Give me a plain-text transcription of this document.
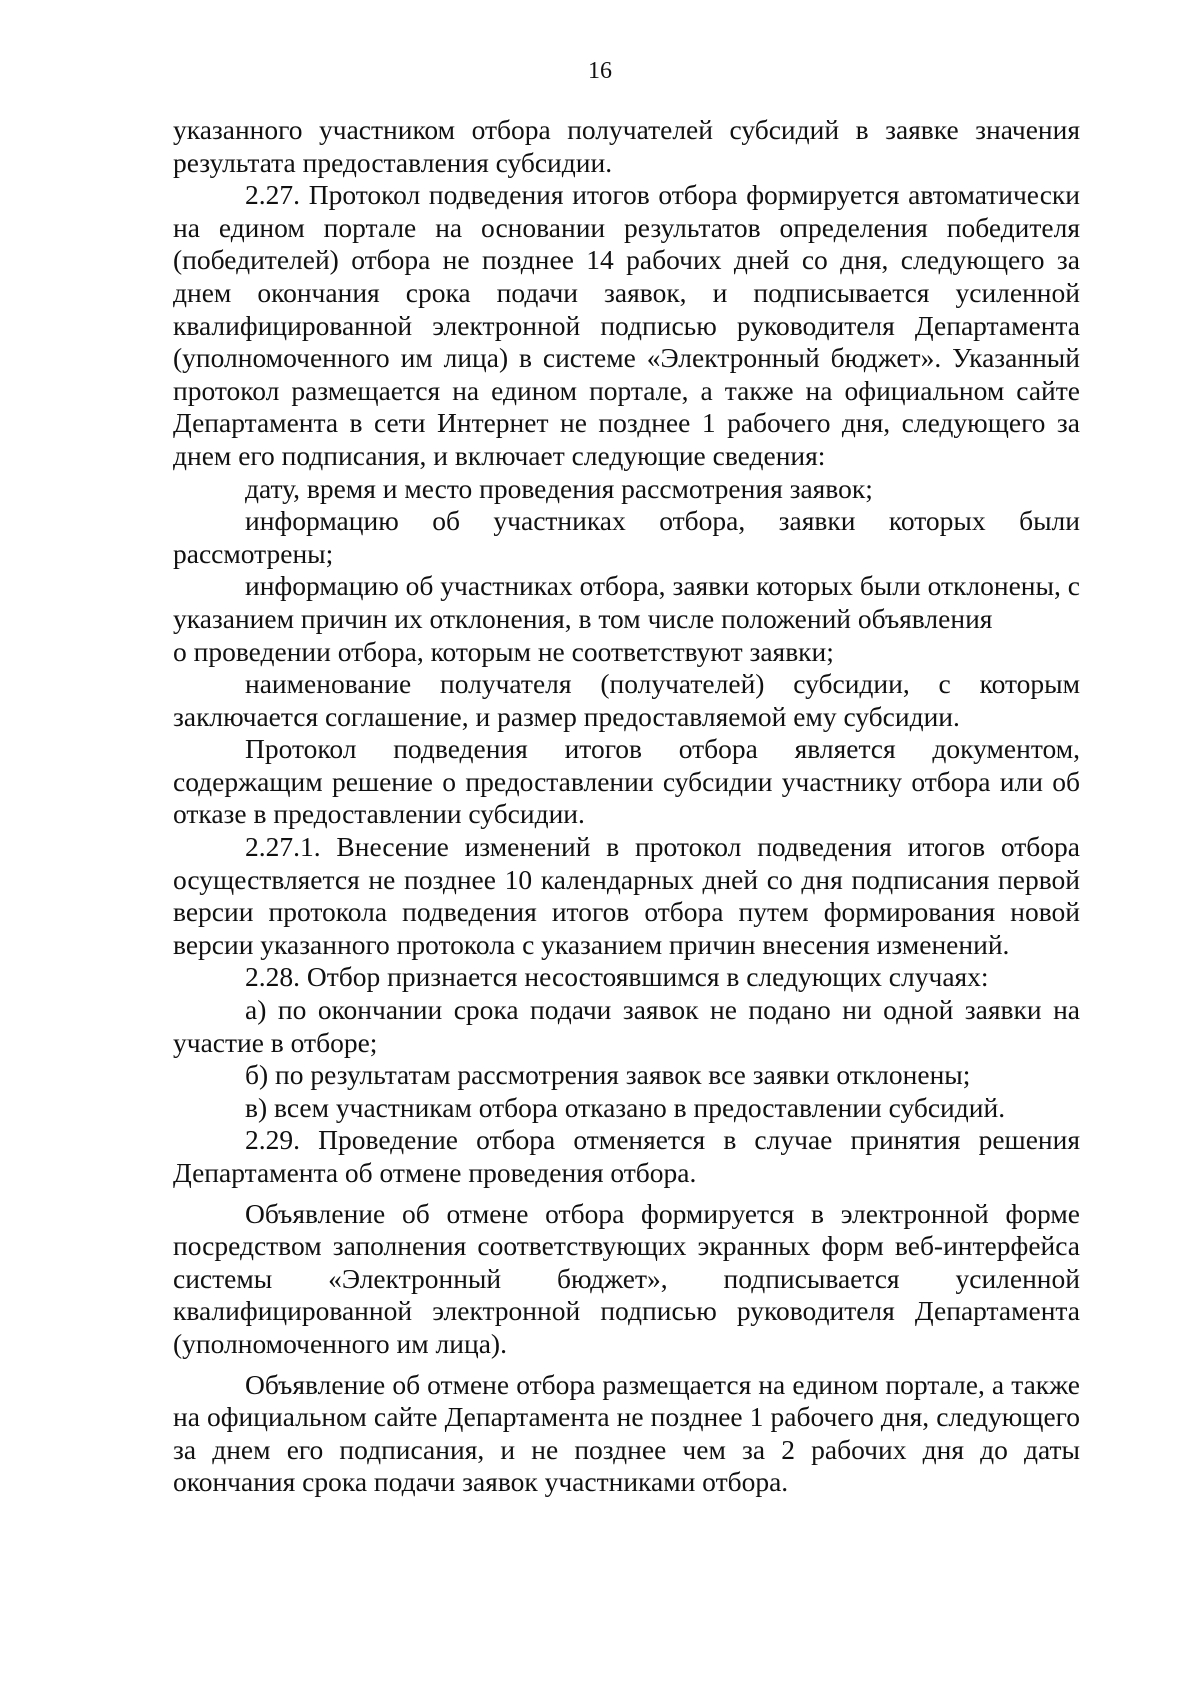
16

указанного участником отбора получателей субсидий в заявке значения результата предоставления субсидии.

2.27. Протокол подведения итогов отбора формируется автоматически на едином портале на основании результатов определения победителя (победителей) отбора не позднее 14 рабочих дней со дня, следующего за днем окончания срока подачи заявок, и подписывается усиленной квалифицированной электронной подписью руководителя Департамента (уполномоченного им лица) в системе «Электронный бюджет». Указанный протокол размещается на едином портале, а также на официальном сайте Департамента в сети Интернет не позднее 1 рабочего дня, следующего за днем его подписания, и включает следующие сведения:

дату, время и место проведения рассмотрения заявок;

информацию об участниках отбора, заявки которых были рассмотрены;

информацию об участниках отбора, заявки которых были отклонены, с указанием причин их отклонения, в том числе положений объявления

о проведении отбора, которым не соответствуют заявки;

наименование получателя (получателей) субсидии, с которым заключается соглашение, и размер предоставляемой ему субсидии.

Протокол подведения итогов отбора является документом, содержащим решение о предоставлении субсидии участнику отбора или об отказе в предоставлении субсидии.

2.27.1. Внесение изменений в протокол подведения итогов отбора осуществляется не позднее 10 календарных дней со дня подписания первой версии протокола подведения итогов отбора путем формирования новой версии указанного протокола с указанием причин внесения изменений.

2.28. Отбор признается несостоявшимся в следующих случаях:

а) по окончании срока подачи заявок не подано ни одной заявки на участие в отборе;

б) по результатам рассмотрения заявок все заявки отклонены;

в) всем участникам отбора отказано в предоставлении субсидий.

2.29. Проведение отбора отменяется в случае принятия решения Департамента об отмене проведения отбора.

Объявление об отмене отбора формируется в электронной форме посредством заполнения соответствующих экранных форм веб-интерфейса системы «Электронный бюджет», подписывается усиленной квалифицированной электронной подписью руководителя Департамента (уполномоченного им лица).

Объявление об отмене отбора размещается на едином портале, а также на официальном сайте Департамента не позднее 1 рабочего дня, следующего за днем его подписания, и не позднее чем за 2 рабочих дня до даты окончания срока подачи заявок участниками отбора.
